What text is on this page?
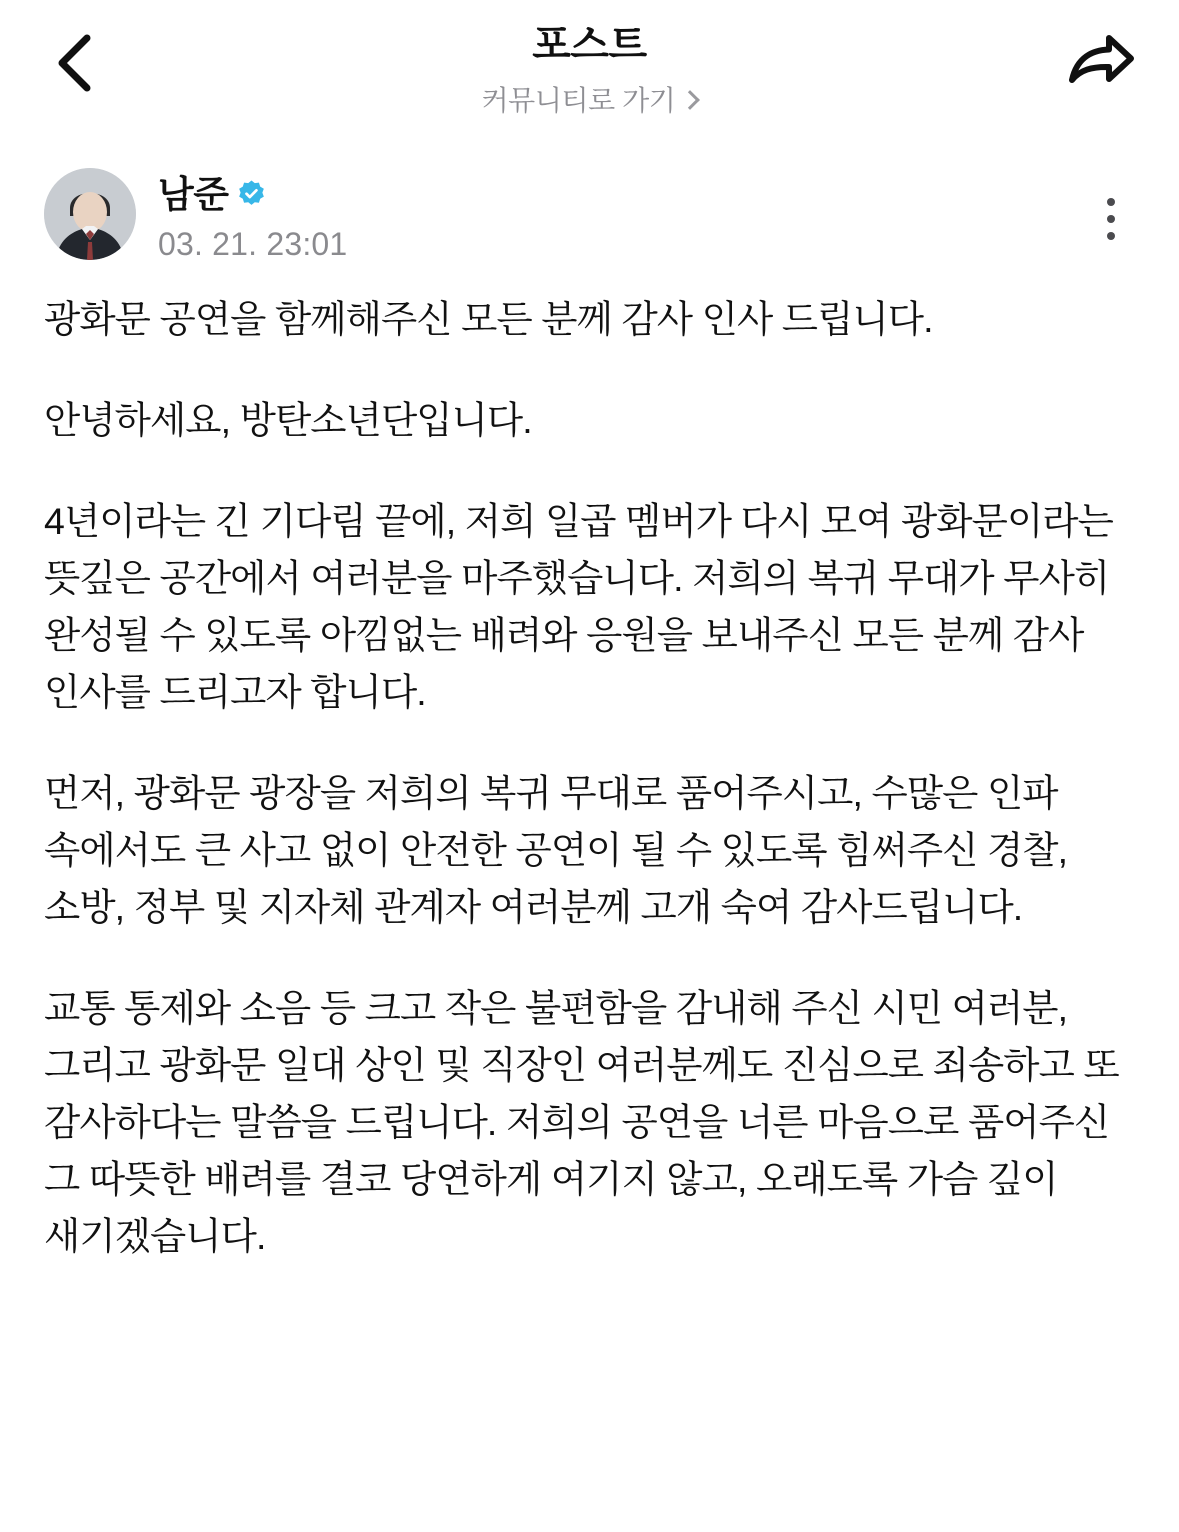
포스트
커뮤니티로 가기
남준
03. 21. 23:01

광화문 공연을 함께해주신 모든 분께 감사 인사 드립니다.

안녕하세요, 방탄소년단입니다.

4년이라는 긴 기다림 끝에, 저희 일곱 멤버가 다시 모여 광화문이라는 뜻깊은 공간에서 여러분을 마주했습니다. 저희의 복귀 무대가 무사히 완성될 수 있도록 아낌없는 배려와 응원을 보내주신 모든 분께 감사 인사를 드리고자 합니다.

먼저, 광화문 광장을 저희의 복귀 무대로 품어주시고, 수많은 인파 속에서도 큰 사고 없이 안전한 공연이 될 수 있도록 힘써주신 경찰, 소방, 정부 및 지자체 관계자 여러분께 고개 숙여 감사드립니다.

교통 통제와 소음 등 크고 작은 불편함을 감내해 주신 시민 여러분, 그리고 광화문 일대 상인 및 직장인 여러분께도 진심으로 죄송하고 또 감사하다는 말씀을 드립니다. 저희의 공연을 너른 마음으로 품어주신 그 따뜻한 배려를 결코 당연하게 여기지 않고, 오래도록 가슴 깊이 새기겠습니다.
